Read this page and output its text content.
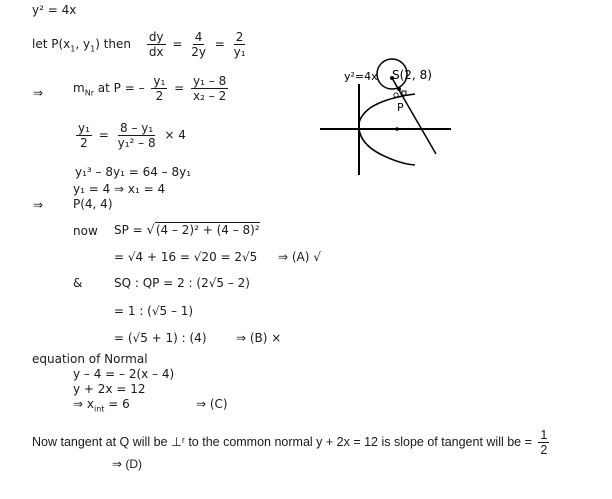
y² = 4x
let $P(x_1$, $y_1$) then $\frac{dy}{dx} = \frac{4}{2y} = \frac{2}{\text{y₁}}$
⇒ $m_{Nr}$ at P = – $\frac{\text{y₁}}{2} = \frac{\text{y₁ – 8}}{\text{x₂ – 2}}$
$\frac{\text{y₁}}{2} = \frac{\text{8 – y₁}}{\text{y₁² – 8}} \times 4$
y₁³ – 8y₁ = 64 – 8y₁
y₁ = 4 ⇒ x₁ = 4
⇒ P(4, 4)
now SP = √(4 – 2)² + (4 – 8)²
= √4 + 16 = √20 = 2√5 ⇒ (A) √
&	SQ : QP = 2 : (2√5 – 2)
= 1 : (√5 – 1)
= (√5 + 1) : (4) ⇒ (B) ×
equation of Normal
y – 4 = – 2(x – 4)
y + 2x = 12
⇒ $x_{int} = 6$	⇒ (C)
Now tangent at Q will be ⊥ʳ to the common normal y + 2x = 12 is slope of tangent will be = $\frac{1}{2}$
⇒ (D)
y²=4x S(2, 8)
P
